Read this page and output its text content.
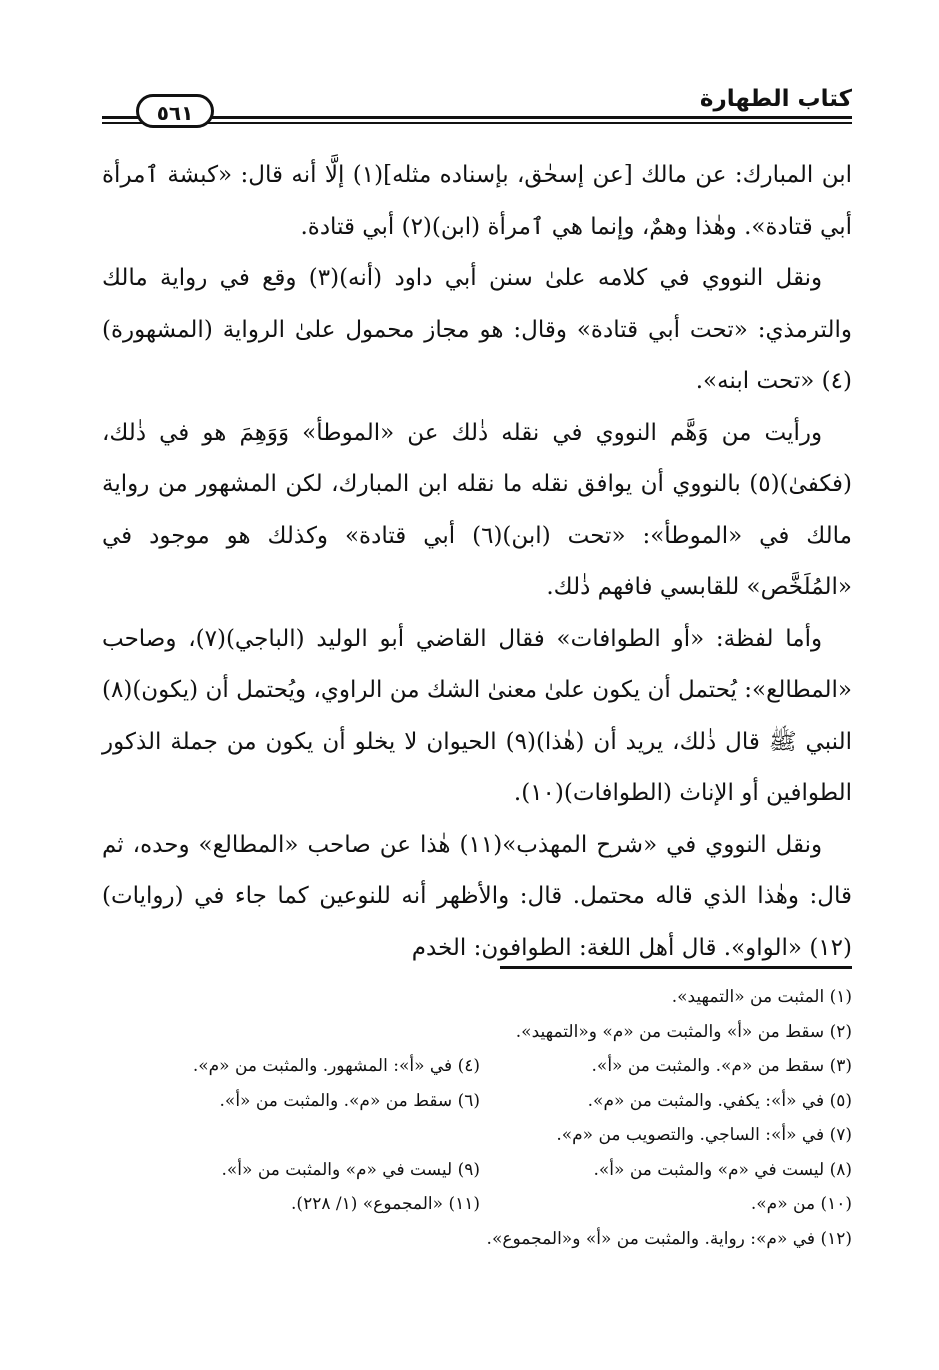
كتاب الطهارة
٥٦١

ابن المبارك: عن مالك [عن إسحٰق، بإسناده مثله](١) إلَّا أنه قال: «كبشة ٱمرأة أبي قتادة». وهٰذا وهمٌ، وإنما هي ٱمرأة (ابن)(٢) أبي قتادة.

ونقل النووي في كلامه علىٰ سنن أبي داود (أنه)(٣) وقع في رواية مالك والترمذي: «تحت أبي قتادة» وقال: هو مجاز محمول علىٰ الرواية (المشهورة)(٤) «تحت ابنه».

ورأيت من وَهَّم النووي في نقله ذٰلك عن «الموطأ» وَوَهِمَ هو في ذٰلك، (فكفىٰ)(٥) بالنووي أن يوافق نقله ما نقله ابن المبارك، لكن المشهور من رواية مالك في «الموطأ»: «تحت (ابن)(٦) أبي قتادة» وكذلك هو موجود في «المُلَخَّص» للقابسي فافهم ذٰلك.

وأما لفظة: «أو الطوافات» فقال القاضي أبو الوليد (الباجي)(٧)، وصاحب «المطالع»: يُحتمل أن يكون علىٰ معنىٰ الشك من الراوي، ويُحتمل أن (يكون)(٨) النبي ﷺ قال ذٰلك، يريد أن (هٰذا)(٩) الحيوان لا يخلو أن يكون من جملة الذكور الطوافين أو الإناث (الطوافات)(١٠).

ونقل النووي في «شرح المهذب»(١١) هٰذا عن صاحب «المطالع» وحده، ثم قال: وهٰذا الذي قاله محتمل. قال: والأظهر أنه للنوعين كما جاء في (روايات)(١٢) «الواو». قال أهل اللغة: الطوافون: الخدم

(١) المثبت من «التمهيد».
(٢) سقط من «أ» والمثبت من «م» و«التمهيد».
(٣) سقط من «م». والمثبت من «أ».
(٤) في «أ»: المشهور. والمثبت من «م».
(٥) في «أ»: يكفي. والمثبت من «م».
(٦) سقط من «م». والمثبت من «أ».
(٧) في «أ»: الساجي. والتصويب من «م».
(٨) ليست في «م» والمثبت من «أ».
(٩) ليست في «م» والمثبت من «أ».
(١٠) من «م».
(١١) «المجموع» (١/ ٢٢٨).
(١٢) في «م»: رواية. والمثبت من «أ» و«المجموع».
